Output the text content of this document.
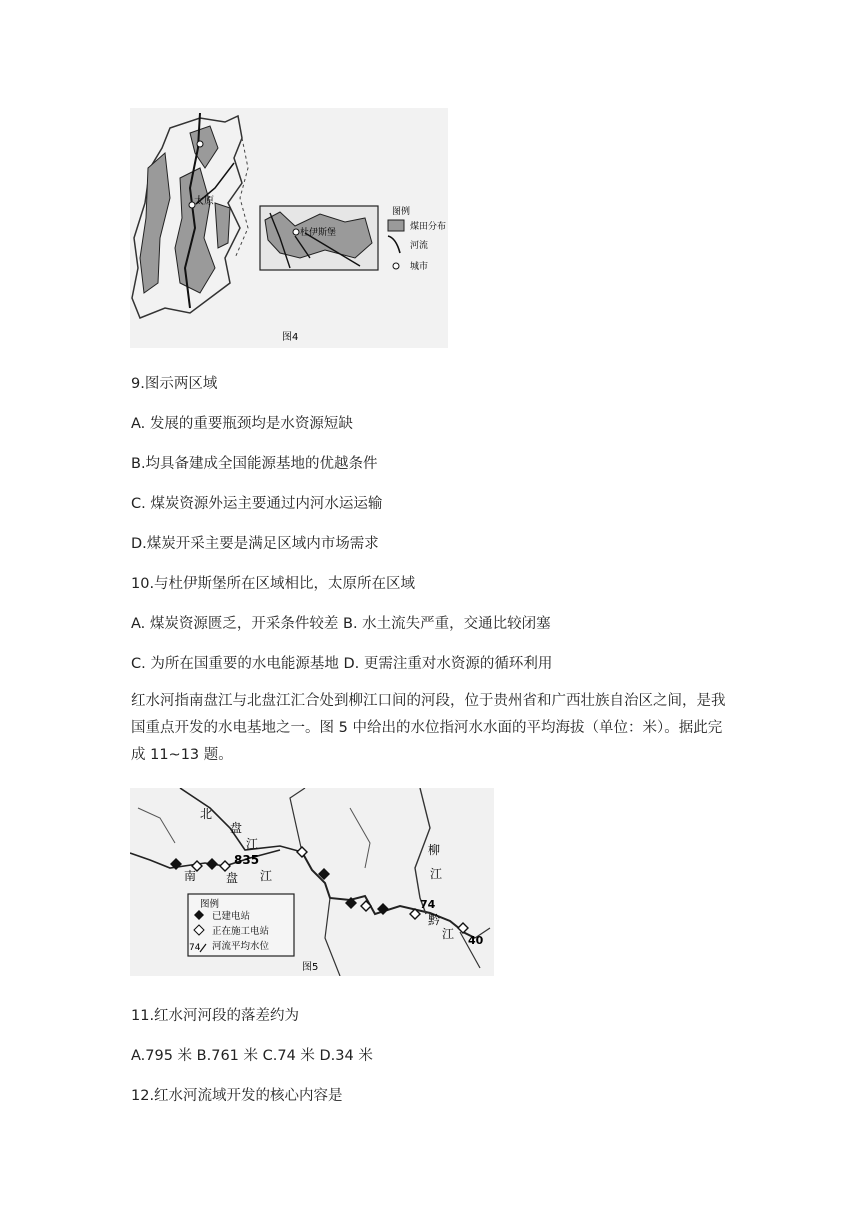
太原
杜伊斯堡
图例
煤田分布
河流
城市
图4
9.图示两区域
A. 发展的重要瓶颈均是水资源短缺
B.均具备建成全国能源基地的优越条件
C. 煤炭资源外运主要通过内河水运运输
D.煤炭开采主要是满足区域内市场需求
10.与杜伊斯堡所在区域相比，太原所在区域
A. 煤炭资源匮乏，开采条件较差 B. 水土流失严重，交通比较闭塞
C. 为所在国重要的水电能源基地 D. 更需注重对水资源的循环利用
红水河指南盘江与北盘江汇合处到柳江口间的河段，位于贵州省和广西壮族自治区之间，是我国重点开发的水电基地之一。图 5 中给出的水位指河水水面的平均海拔（单位：米）。据此完成 11~13 题。
北
盘
江
南 盘 江
柳
江
黔
江
835
74
40
图例
已建电站
正在施工电站
74 河流平均水位
图5
11.红水河河段的落差约为
A.795 米 B.761 米 C.74 米 D.34 米
12.红水河流域开发的核心内容是
